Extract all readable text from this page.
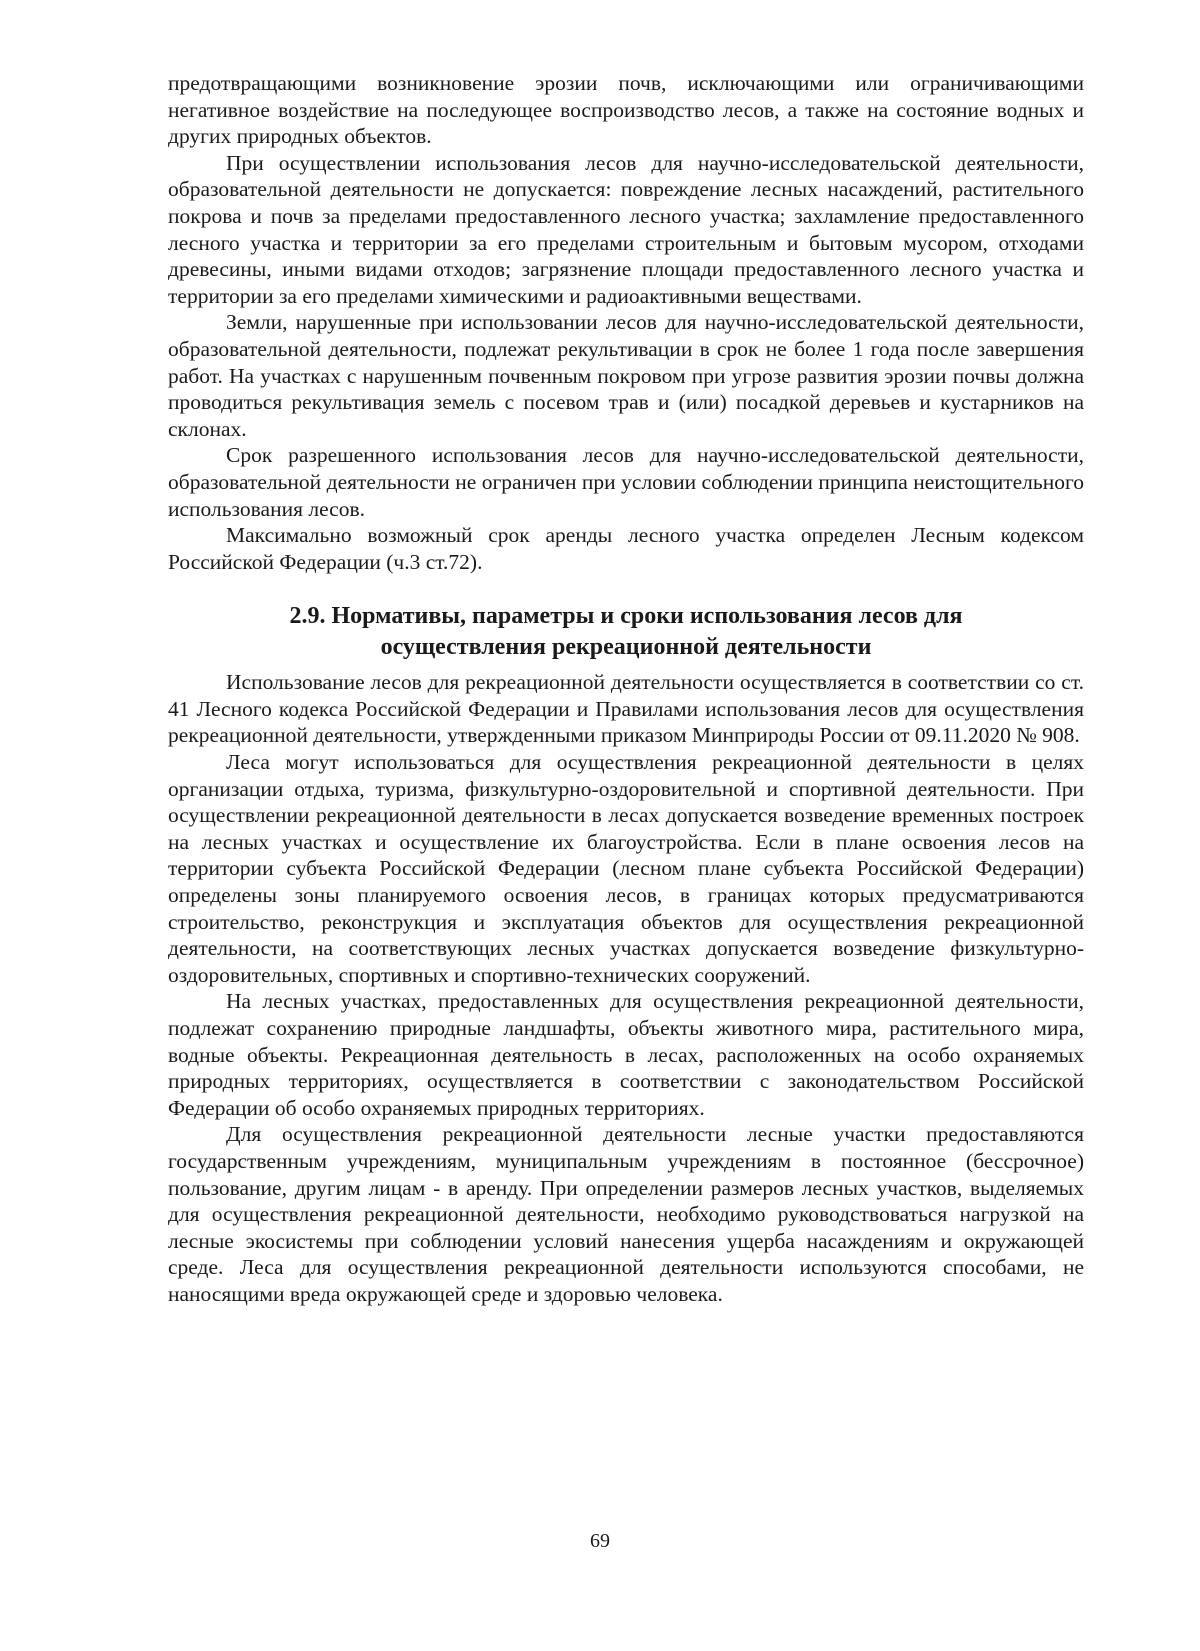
предотвращающими возникновение эрозии почв, исключающими или ограничивающими негативное воздействие на последующее воспроизводство лесов, а также на состояние водных и других природных объектов.

При осуществлении использования лесов для научно-исследовательской деятельности, образовательной деятельности не допускается: повреждение лесных насаждений, растительного покрова и почв за пределами предоставленного лесного участка; захламление предоставленного лесного участка и территории за его пределами строительным и бытовым мусором, отходами древесины, иными видами отходов; загрязнение площади предоставленного лесного участка и территории за его пределами химическими и радиоактивными веществами.

Земли, нарушенные при использовании лесов для научно-исследовательской деятельности, образовательной деятельности, подлежат рекультивации в срок не более 1 года после завершения работ. На участках с нарушенным почвенным покровом при угрозе развития эрозии почвы должна проводиться рекультивация земель с посевом трав и (или) посадкой деревьев и кустарников на склонах.

Срок разрешенного использования лесов для научно-исследовательской деятельности, образовательной деятельности не ограничен при условии соблюдении принципа неистощительного использования лесов.

Максимально возможный срок аренды лесного участка определен Лесным кодексом Российской Федерации (ч.3 ст.72).

2.9. Нормативы, параметры и сроки использования лесов для
осуществления рекреационной деятельности

Использование лесов для рекреационной деятельности осуществляется в соответствии со ст. 41 Лесного кодекса Российской Федерации и Правилами использования лесов для осуществления рекреационной деятельности, утвержденными приказом Минприроды России от 09.11.2020 № 908.

Леса могут использоваться для осуществления рекреационной деятельности в целях организации отдыха, туризма, физкультурно-оздоровительной и спортивной деятельности. При осуществлении рекреационной деятельности в лесах допускается возведение временных построек на лесных участках и осуществление их благоустройства. Если в плане освоения лесов на территории субъекта Российской Федерации (лесном плане субъекта Российской Федерации) определены зоны планируемого освоения лесов, в границах которых предусматриваются строительство, реконструкция и эксплуатация объектов для осуществления рекреационной деятельности, на соответствующих лесных участках допускается возведение физкультурно-оздоровительных, спортивных и спортивно-технических сооружений.

На лесных участках, предоставленных для осуществления рекреационной деятельности, подлежат сохранению природные ландшафты, объекты животного мира, растительного мира, водные объекты. Рекреационная деятельность в лесах, расположенных на особо охраняемых природных территориях, осуществляется в соответствии с законодательством Российской Федерации об особо охраняемых природных территориях.

Для осуществления рекреационной деятельности лесные участки предоставляются государственным учреждениям, муниципальным учреждениям в постоянное (бессрочное) пользование, другим лицам - в аренду. При определении размеров лесных участков, выделяемых для осуществления рекреационной деятельности, необходимо руководствоваться нагрузкой на лесные экосистемы при соблюдении условий нанесения ущерба насаждениям и окружающей среде. Леса для осуществления рекреационной деятельности используются способами, не наносящими вреда окружающей среде и здоровью человека.

69
